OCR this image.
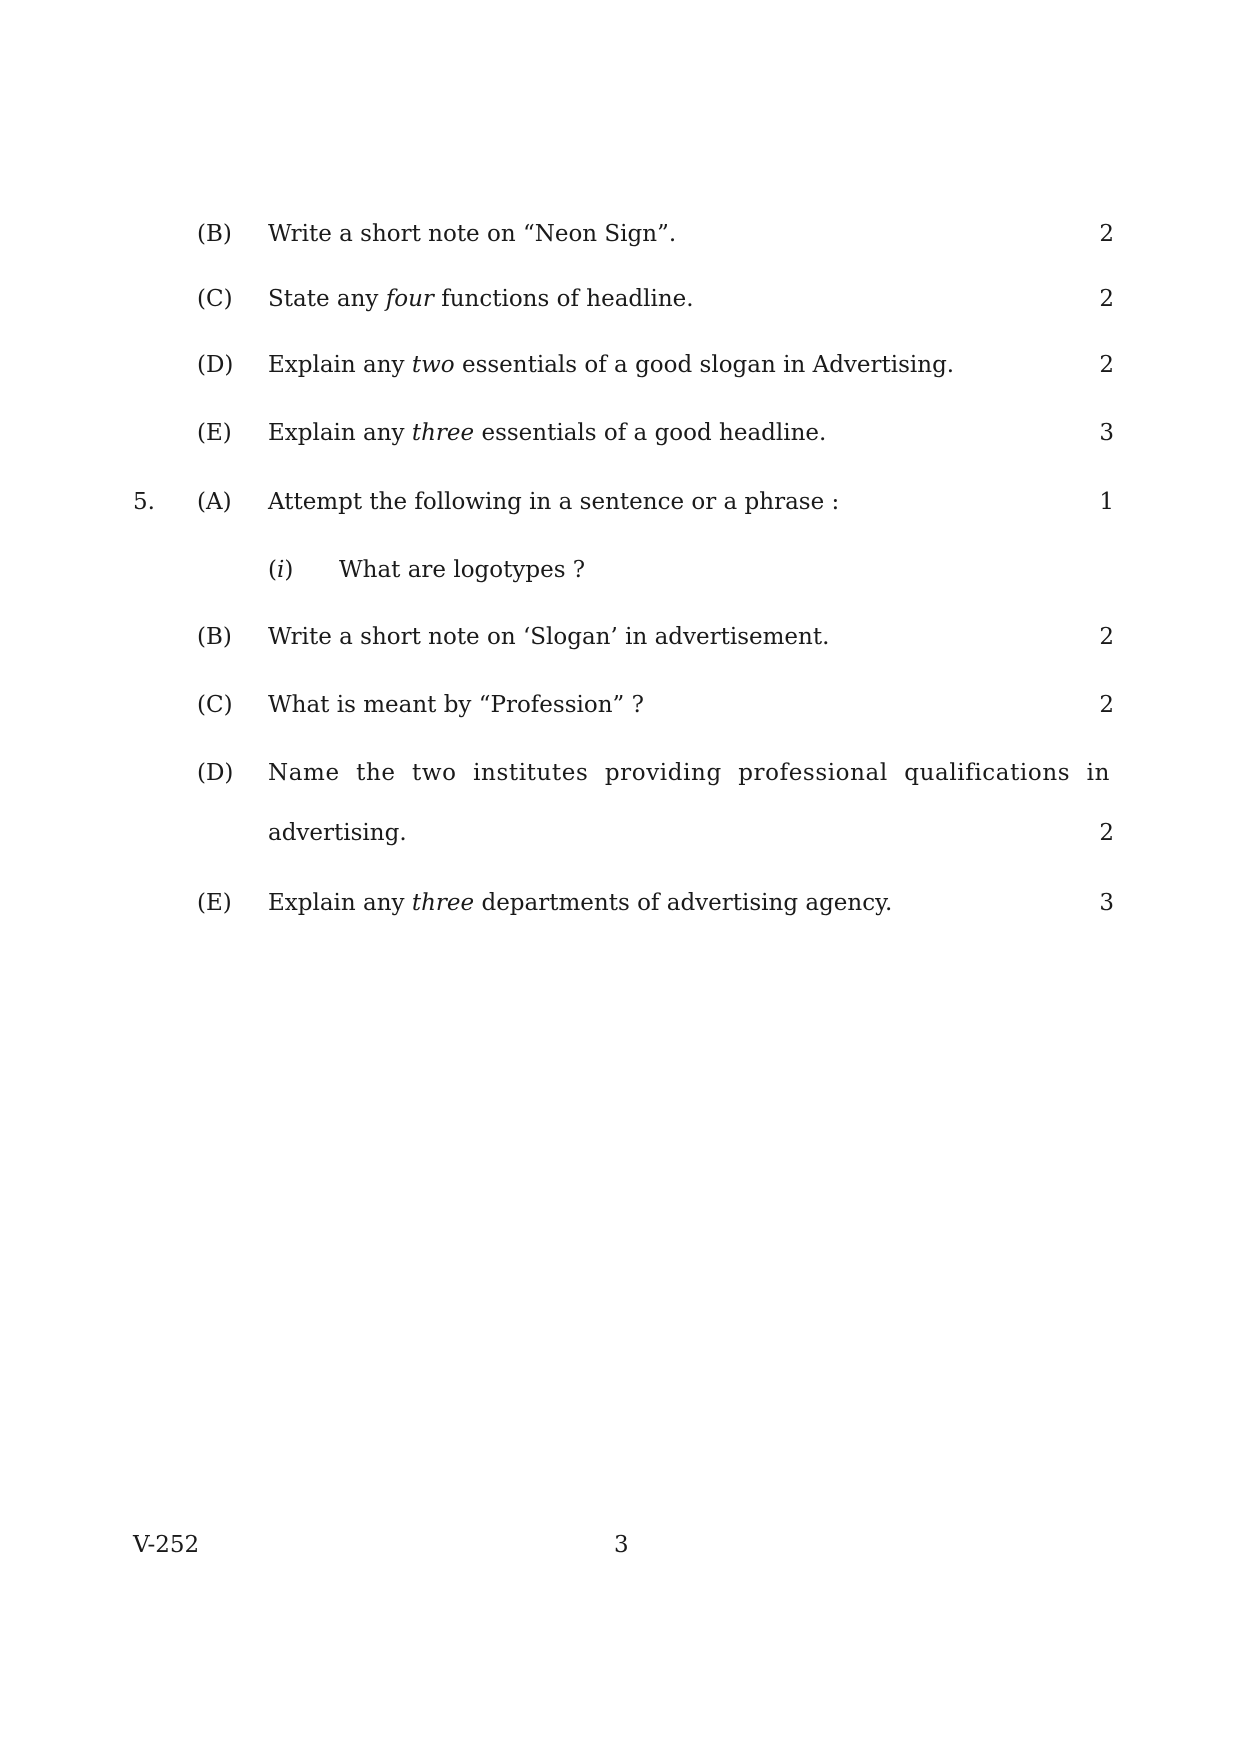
(B) Write a short note on “Neon Sign”.	2
(C) State any four functions of headline.	2
(D) Explain any two essentials of a good slogan in Advertising.	2
(E) Explain any three essentials of a good headline.	3
5. (A) Attempt the following in a sentence or a phrase :	1
(i) What are logotypes ?
(B) Write a short note on ‘Slogan’ in advertisement.	2
(C) What is meant by “Profession” ?	2
(D) Name the two institutes providing professional qualifications in
advertising.	2
(E) Explain any three departments of advertising agency.	3
V-252	3
